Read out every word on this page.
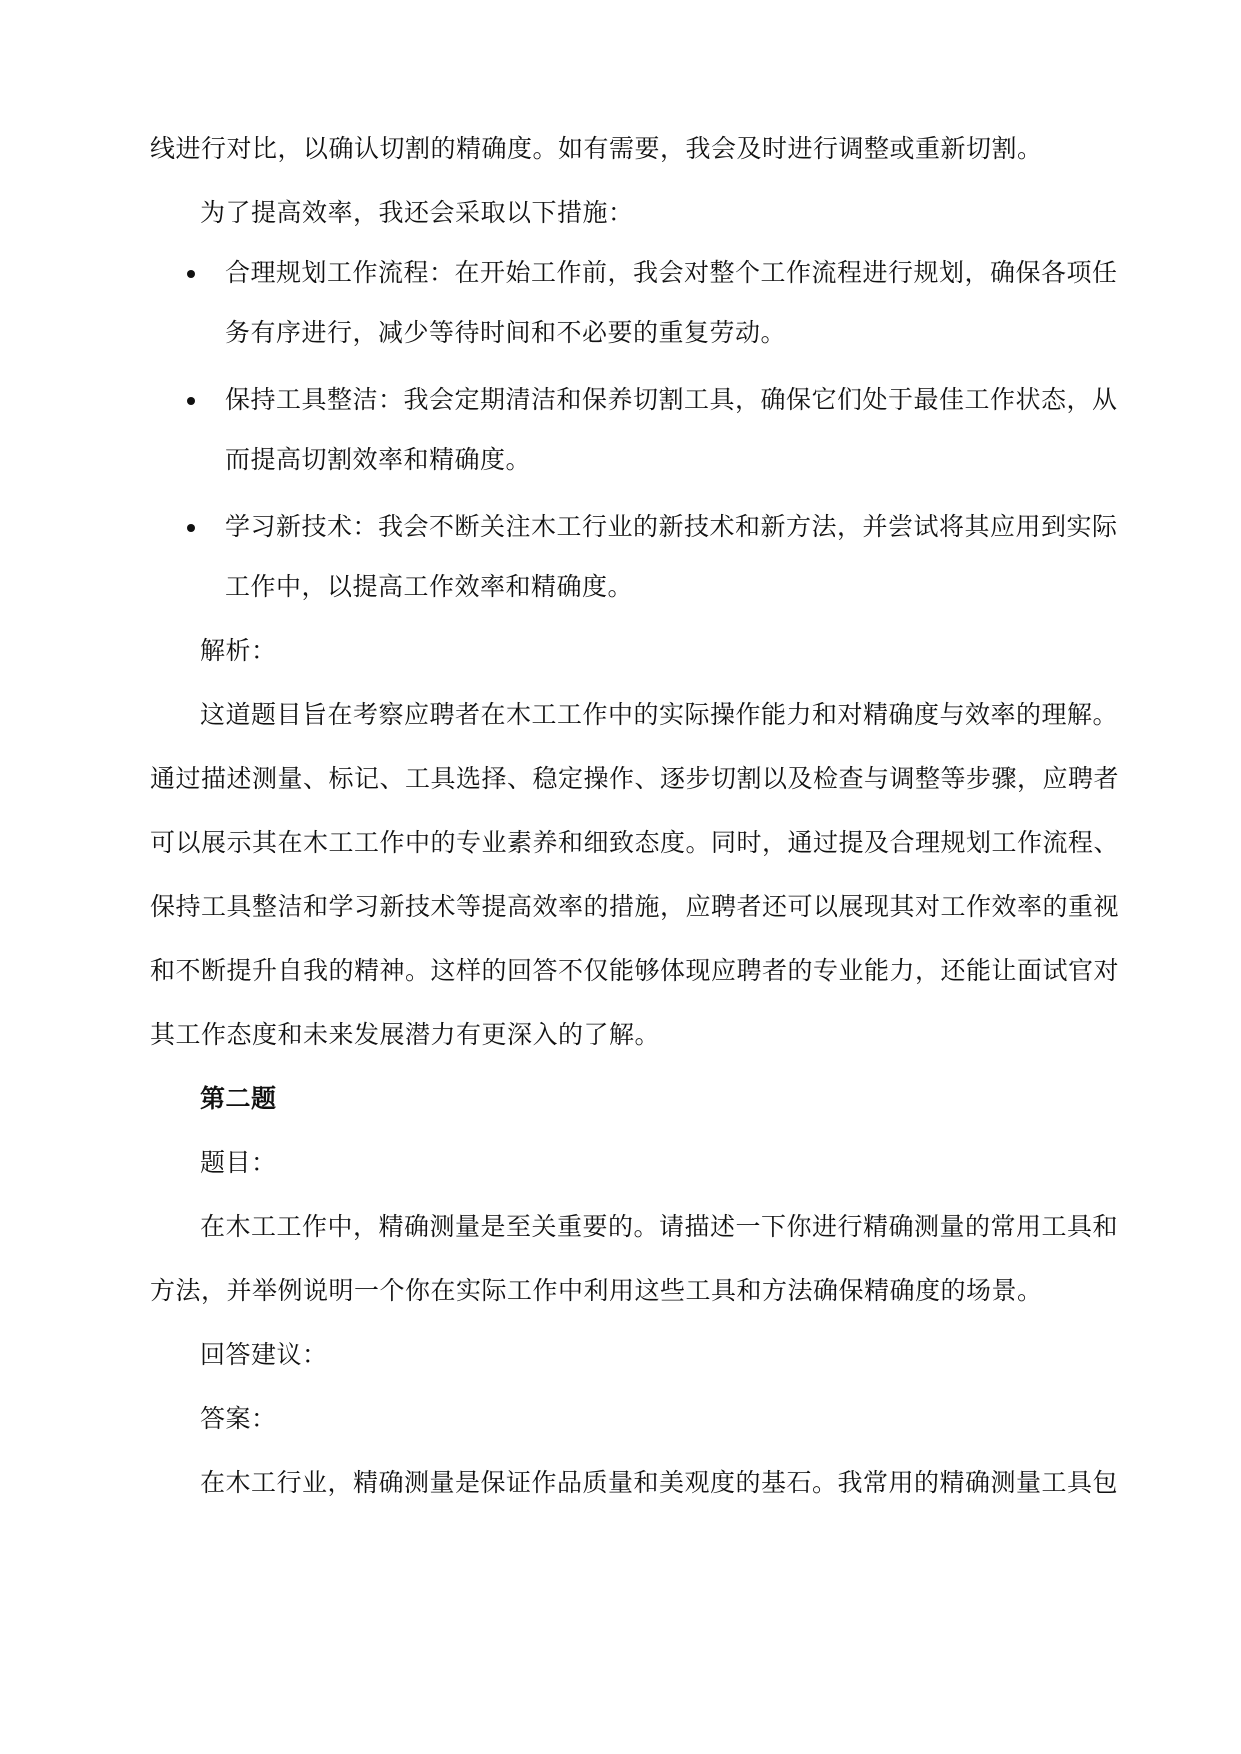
线进行对比，以确认切割的精确度。如有需要，我会及时进行调整或重新切割。
为了提高效率，我还会采取以下措施：
合理规划工作流程：在开始工作前，我会对整个工作流程进行规划，确保各项任
务有序进行，减少等待时间和不必要的重复劳动。
保持工具整洁：我会定期清洁和保养切割工具，确保它们处于最佳工作状态，从
而提高切割效率和精确度。
学习新技术：我会不断关注木工行业的新技术和新方法，并尝试将其应用到实际
工作中，以提高工作效率和精确度。
解析：
这道题目旨在考察应聘者在木工工作中的实际操作能力和对精确度与效率的理解。
通过描述测量、标记、工具选择、稳定操作、逐步切割以及检查与调整等步骤，应聘者
可以展示其在木工工作中的专业素养和细致态度。同时，通过提及合理规划工作流程、
保持工具整洁和学习新技术等提高效率的措施，应聘者还可以展现其对工作效率的重视
和不断提升自我的精神。这样的回答不仅能够体现应聘者的专业能力，还能让面试官对
其工作态度和未来发展潜力有更深入的了解。
第二题
题目：
在木工工作中，精确测量是至关重要的。请描述一下你进行精确测量的常用工具和
方法，并举例说明一个你在实际工作中利用这些工具和方法确保精确度的场景。
回答建议：
答案：
在木工行业，精确测量是保证作品质量和美观度的基石。我常用的精确测量工具包
